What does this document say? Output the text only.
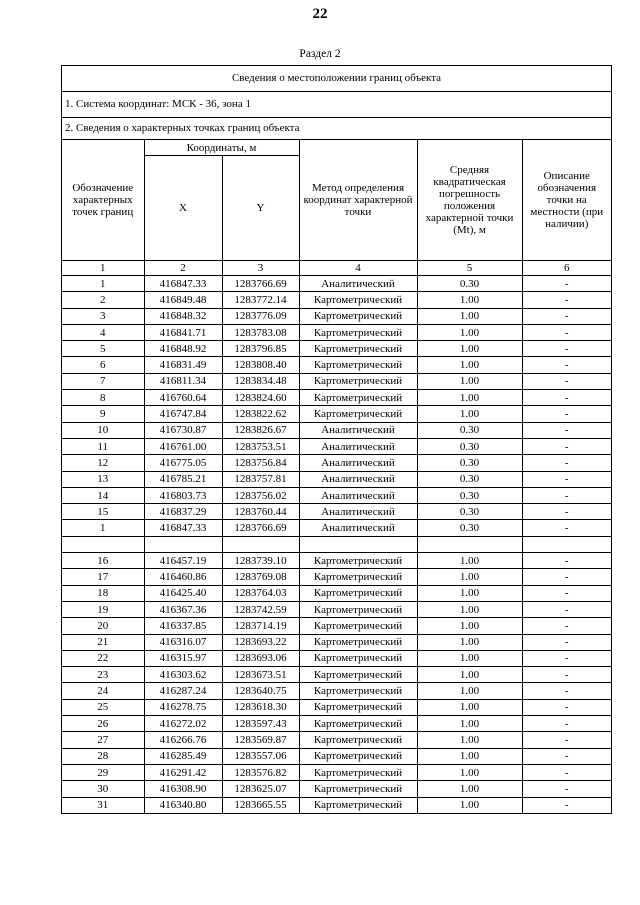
22
Раздел 2
Сведения о местоположении границ объекта
1. Система координат: МСК - 36, зона 1
2. Сведения о характерных точках границ объекта
Обозначение характерных точек границ	Координаты, м		Метод определения координат характерной точки	Средняя квадратическая погрешность положения характерной точки (Mt), м	Описание обозначения точки на местности (при наличии)
	X	Y			
1	2	3	4	5	6
1	416847.33	1283766.69	Аналитический	0.30	-
2	416849.48	1283772.14	Картометрический	1.00	-
3	416848.32	1283776.09	Картометрический	1.00	-
4	416841.71	1283783.08	Картометрический	1.00	-
5	416848.92	1283796.85	Картометрический	1.00	-
6	416831.49	1283808.40	Картометрический	1.00	-
7	416811.34	1283834.48	Картометрический	1.00	-
8	416760.64	1283824.60	Картометрический	1.00	-
9	416747.84	1283822.62	Картометрический	1.00	-
10	416730.87	1283826.67	Аналитический	0.30	-
11	416761.00	1283753.51	Аналитический	0.30	-
12	416775.05	1283756.84	Аналитический	0.30	-
13	416785.21	1283757.81	Аналитический	0.30	-
14	416803.73	1283756.02	Аналитический	0.30	-
15	416837.29	1283760.44	Аналитический	0.30	-
1	416847.33	1283766.69	Аналитический	0.30	-

16	416457.19	1283739.10	Картометрический	1.00	-
17	416460.86	1283769.08	Картометрический	1.00	-
18	416425.40	1283764.03	Картометрический	1.00	-
19	416367.36	1283742.59	Картометрический	1.00	-
20	416337.85	1283714.19	Картометрический	1.00	-
21	416316.07	1283693.22	Картометрический	1.00	-
22	416315.97	1283693.06	Картометрический	1.00	-
23	416303.62	1283673.51	Картометрический	1.00	-
24	416287.24	1283640.75	Картометрический	1.00	-
25	416278.75	1283618.30	Картометрический	1.00	-
26	416272.02	1283597.43	Картометрический	1.00	-
27	416266.76	1283569.87	Картометрический	1.00	-
28	416285.49	1283557.06	Картометрический	1.00	-
29	416291.42	1283576.82	Картометрический	1.00	-
30	416308.90	1283625.07	Картометрический	1.00	-
31	416340.80	1283665.55	Картометрический	1.00	-
